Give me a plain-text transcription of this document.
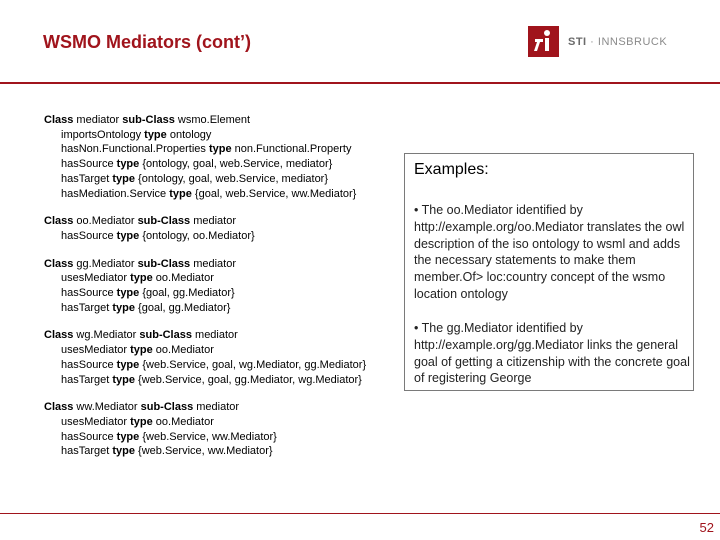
WSMO Mediators (cont’)	STI · INNSBRUCK
Class mediator sub-Class wsmo.Element
importsOntology type ontology
hasNon.Functional.Properties type non.Functional.Property
hasSource type {ontology, goal, web.Service, mediator}
hasTarget type {ontology, goal, web.Service, mediator}
hasMediation.Service type {goal, web.Service, ww.Mediator}
Class oo.Mediator sub-Class mediator
hasSource type {ontology, oo.Mediator}
Class gg.Mediator sub-Class mediator
usesMediator type oo.Mediator
hasSource type {goal, gg.Mediator}
hasTarget type {goal, gg.Mediator}
Class wg.Mediator sub-Class mediator
usesMediator type oo.Mediator
hasSource type {web.Service, goal, wg.Mediator, gg.Mediator}
hasTarget type {web.Service, goal, gg.Mediator, wg.Mediator}
Class ww.Mediator sub-Class mediator
usesMediator type oo.Mediator
hasSource type {web.Service, ww.Mediator}
hasTarget type {web.Service, ww.Mediator}
Examples:
• The oo.Mediator identified by http://example.org/oo.Mediator translates the owl description of the iso ontology to wsml and adds the necessary statements to make them member.Of> loc:country concept of the wsmo location ontology
• The gg.Mediator identified by http://example.org/gg.Mediator links the general goal of getting a citizenship with the concrete goal of registering George
52
